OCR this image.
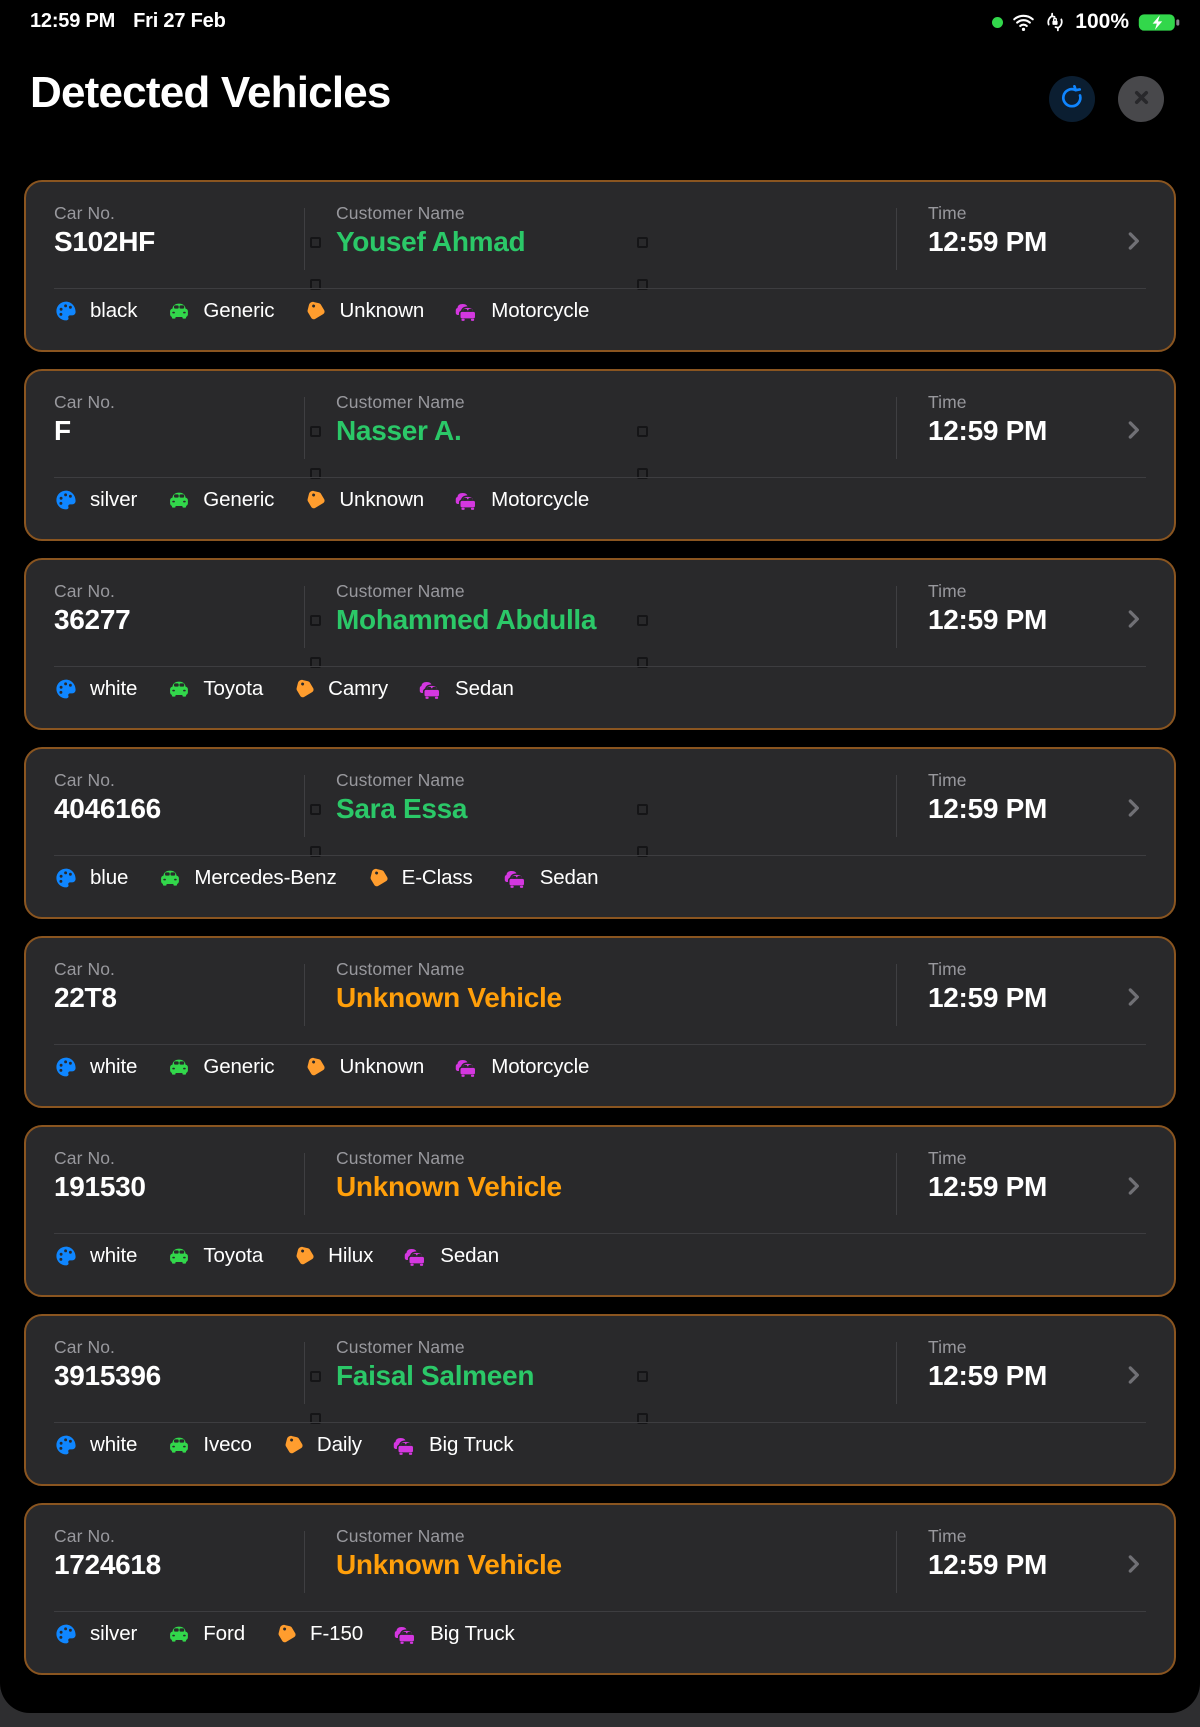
12:59 PM Fri 27 Feb	100%
Detected Vehicles
Car No.
S102HF
Customer Name
Yousef Ahmad
Time
12:59 PM
black	Generic	Unknown	Motorcycle
Car No.
F
Customer Name
Nasser A.
Time
12:59 PM
silver	Generic	Unknown	Motorcycle
Car No.
36277
Customer Name
Mohammed Abdulla
Time
12:59 PM
white	Toyota	Camry	Sedan
Car No.
4046166
Customer Name
Sara Essa
Time
12:59 PM
blue	Mercedes-Benz	E-Class	Sedan
Car No.
22T8
Customer Name
Unknown Vehicle
Time
12:59 PM
white	Generic	Unknown	Motorcycle
Car No.
191530
Customer Name
Unknown Vehicle
Time
12:59 PM
white	Toyota	Hilux	Sedan
Car No.
3915396
Customer Name
Faisal Salmeen
Time
12:59 PM
white	Iveco	Daily	Big Truck
Car No.
1724618
Customer Name
Unknown Vehicle
Time
12:59 PM
silver	Ford	F-150	Big Truck
